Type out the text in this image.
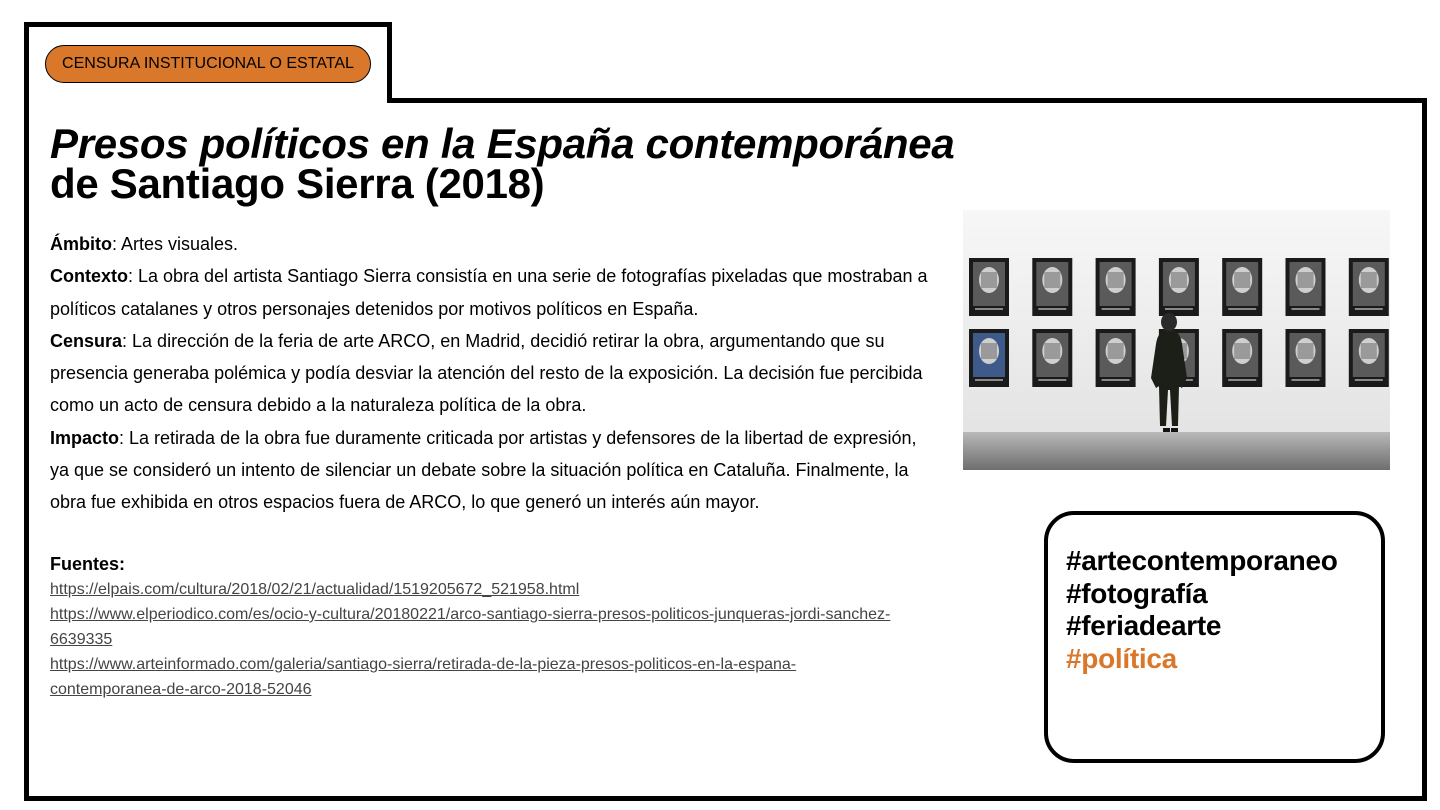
CENSURA INSTITUCIONAL O ESTATAL
Presos políticos en la España contemporánea
de Santiago Sierra (2018)

Ámbito: Artes visuales.

Contexto: La obra del artista Santiago Sierra consistía en una serie de fotografías pixeladas que mostraban a políticos catalanes y otros personajes detenidos por motivos políticos en España.

Censura: La dirección de la feria de arte ARCO, en Madrid, decidió retirar la obra, argumentando que su presencia generaba polémica y podía desviar la atención del resto de la exposición. La decisión fue percibida como un acto de censura debido a la naturaleza política de la obra.

Impacto: La retirada de la obra fue duramente criticada por artistas y defensores de la libertad de expresión, ya que se consideró un intento de silenciar un debate sobre la situación política en Cataluña. Finalmente, la obra fue exhibida en otros espacios fuera de ARCO, lo que generó un interés aún mayor.

Fuentes:
https://elpais.com/cultura/2018/02/21/actualidad/1519205672_521958.html
https://www.elperiodico.com/es/ocio-y-cultura/20180221/arco-santiago-sierra-presos-politicos-junqueras-jordi-sanchez-6639335
https://www.arteinformado.com/galeria/santiago-sierra/retirada-de-la-pieza-presos-politicos-en-la-espana-contemporanea-de-arco-2018-52046
#artecontemporaneo
#fotografía
#feriadearte
#política
